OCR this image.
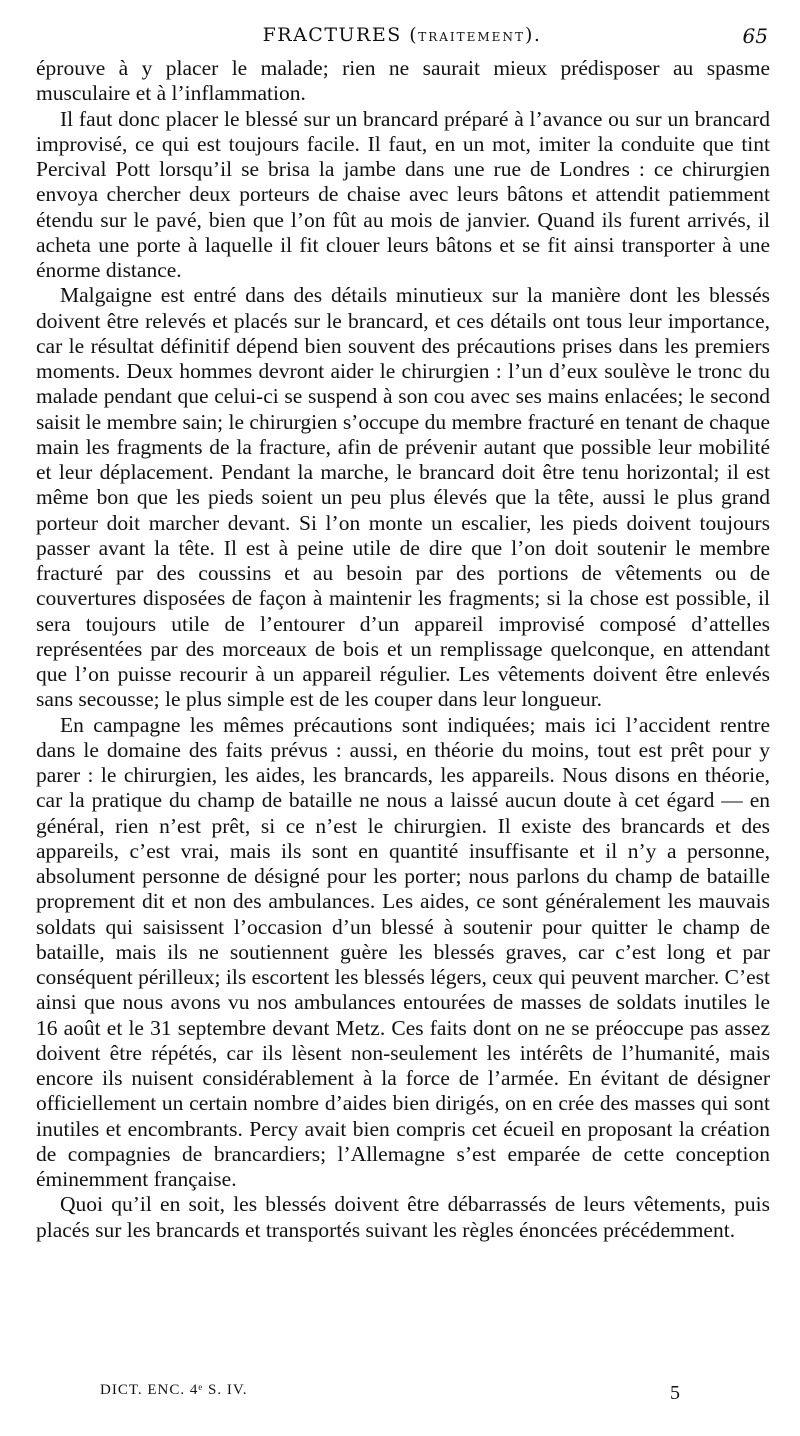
FRACTURES (TRAITEMENT).	65

éprouve à y placer le malade; rien ne saurait mieux prédisposer au spasme musculaire et à l’inflammation.

Il faut donc placer le blessé sur un brancard préparé à l’avance ou sur un brancard improvisé, ce qui est toujours facile. Il faut, en un mot, imiter la conduite que tint Percival Pott lorsqu’il se brisa la jambe dans une rue de Londres : ce chirurgien envoya chercher deux porteurs de chaise avec leurs bâtons et attendit patiemment étendu sur le pavé, bien que l’on fût au mois de janvier. Quand ils furent arrivés, il acheta une porte à laquelle il fit clouer leurs bâtons et se fit ainsi transporter à une énorme distance.

Malgaigne est entré dans des détails minutieux sur la manière dont les blessés doivent être relevés et placés sur le brancard, et ces détails ont tous leur importance, car le résultat définitif dépend bien souvent des précautions prises dans les premiers moments. Deux hommes devront aider le chirurgien : l’un d’eux soulève le tronc du malade pendant que celui-ci se suspend à son cou avec ses mains enlacées; le second saisit le membre sain; le chirurgien s’occupe du membre fracturé en tenant de chaque main les fragments de la fracture, afin de prévenir autant que possible leur mobilité et leur déplacement. Pendant la marche, le brancard doit être tenu horizontal; il est même bon que les pieds soient un peu plus élevés que la tête, aussi le plus grand porteur doit marcher devant. Si l’on monte un escalier, les pieds doivent toujours passer avant la tête. Il est à peine utile de dire que l’on doit soutenir le membre fracturé par des coussins et au besoin par des portions de vêtements ou de couvertures disposées de façon à maintenir les fragments; si la chose est possible, il sera toujours utile de l’entourer d’un appareil improvisé composé d’attelles représentées par des morceaux de bois et un remplissage quelconque, en attendant que l’on puisse recourir à un appareil régulier. Les vêtements doivent être enlevés sans secousse; le plus simple est de les couper dans leur longueur.

En campagne les mêmes précautions sont indiquées; mais ici l’accident rentre dans le domaine des faits prévus : aussi, en théorie du moins, tout est prêt pour y parer : le chirurgien, les aides, les brancards, les appareils. Nous disons en théorie, car la pratique du champ de bataille ne nous a laissé aucun doute à cet égard — en général, rien n’est prêt, si ce n’est le chirurgien. Il existe des brancards et des appareils, c’est vrai, mais ils sont en quantité insuffisante et il n’y a personne, absolument personne de désigné pour les porter; nous parlons du champ de bataille proprement dit et non des ambulances. Les aides, ce sont généralement les mauvais soldats qui saisissent l’occasion d’un blessé à soutenir pour quitter le champ de bataille, mais ils ne soutiennent guère les blessés graves, car c’est long et par conséquent périlleux; ils escortent les blessés légers, ceux qui peuvent marcher. C’est ainsi que nous avons vu nos ambulances entourées de masses de soldats inutiles le 16 août et le 31 septembre devant Metz. Ces faits dont on ne se préoccupe pas assez doivent être répétés, car ils lèsent non-seulement les intérêts de l’humanité, mais encore ils nuisent considérablement à la force de l’armée. En évitant de désigner officiellement un certain nombre d’aides bien dirigés, on en crée des masses qui sont inutiles et encombrants. Percy avait bien compris cet écueil en proposant la création de compagnies de brancardiers; l’Allemagne s’est emparée de cette conception éminemment française.

Quoi qu’il en soit, les blessés doivent être débarrassés de leurs vêtements, puis placés sur les brancards et transportés suivant les règles énoncées précédemment.

DICT. ENC. 4ᵉ S. IV.	5
